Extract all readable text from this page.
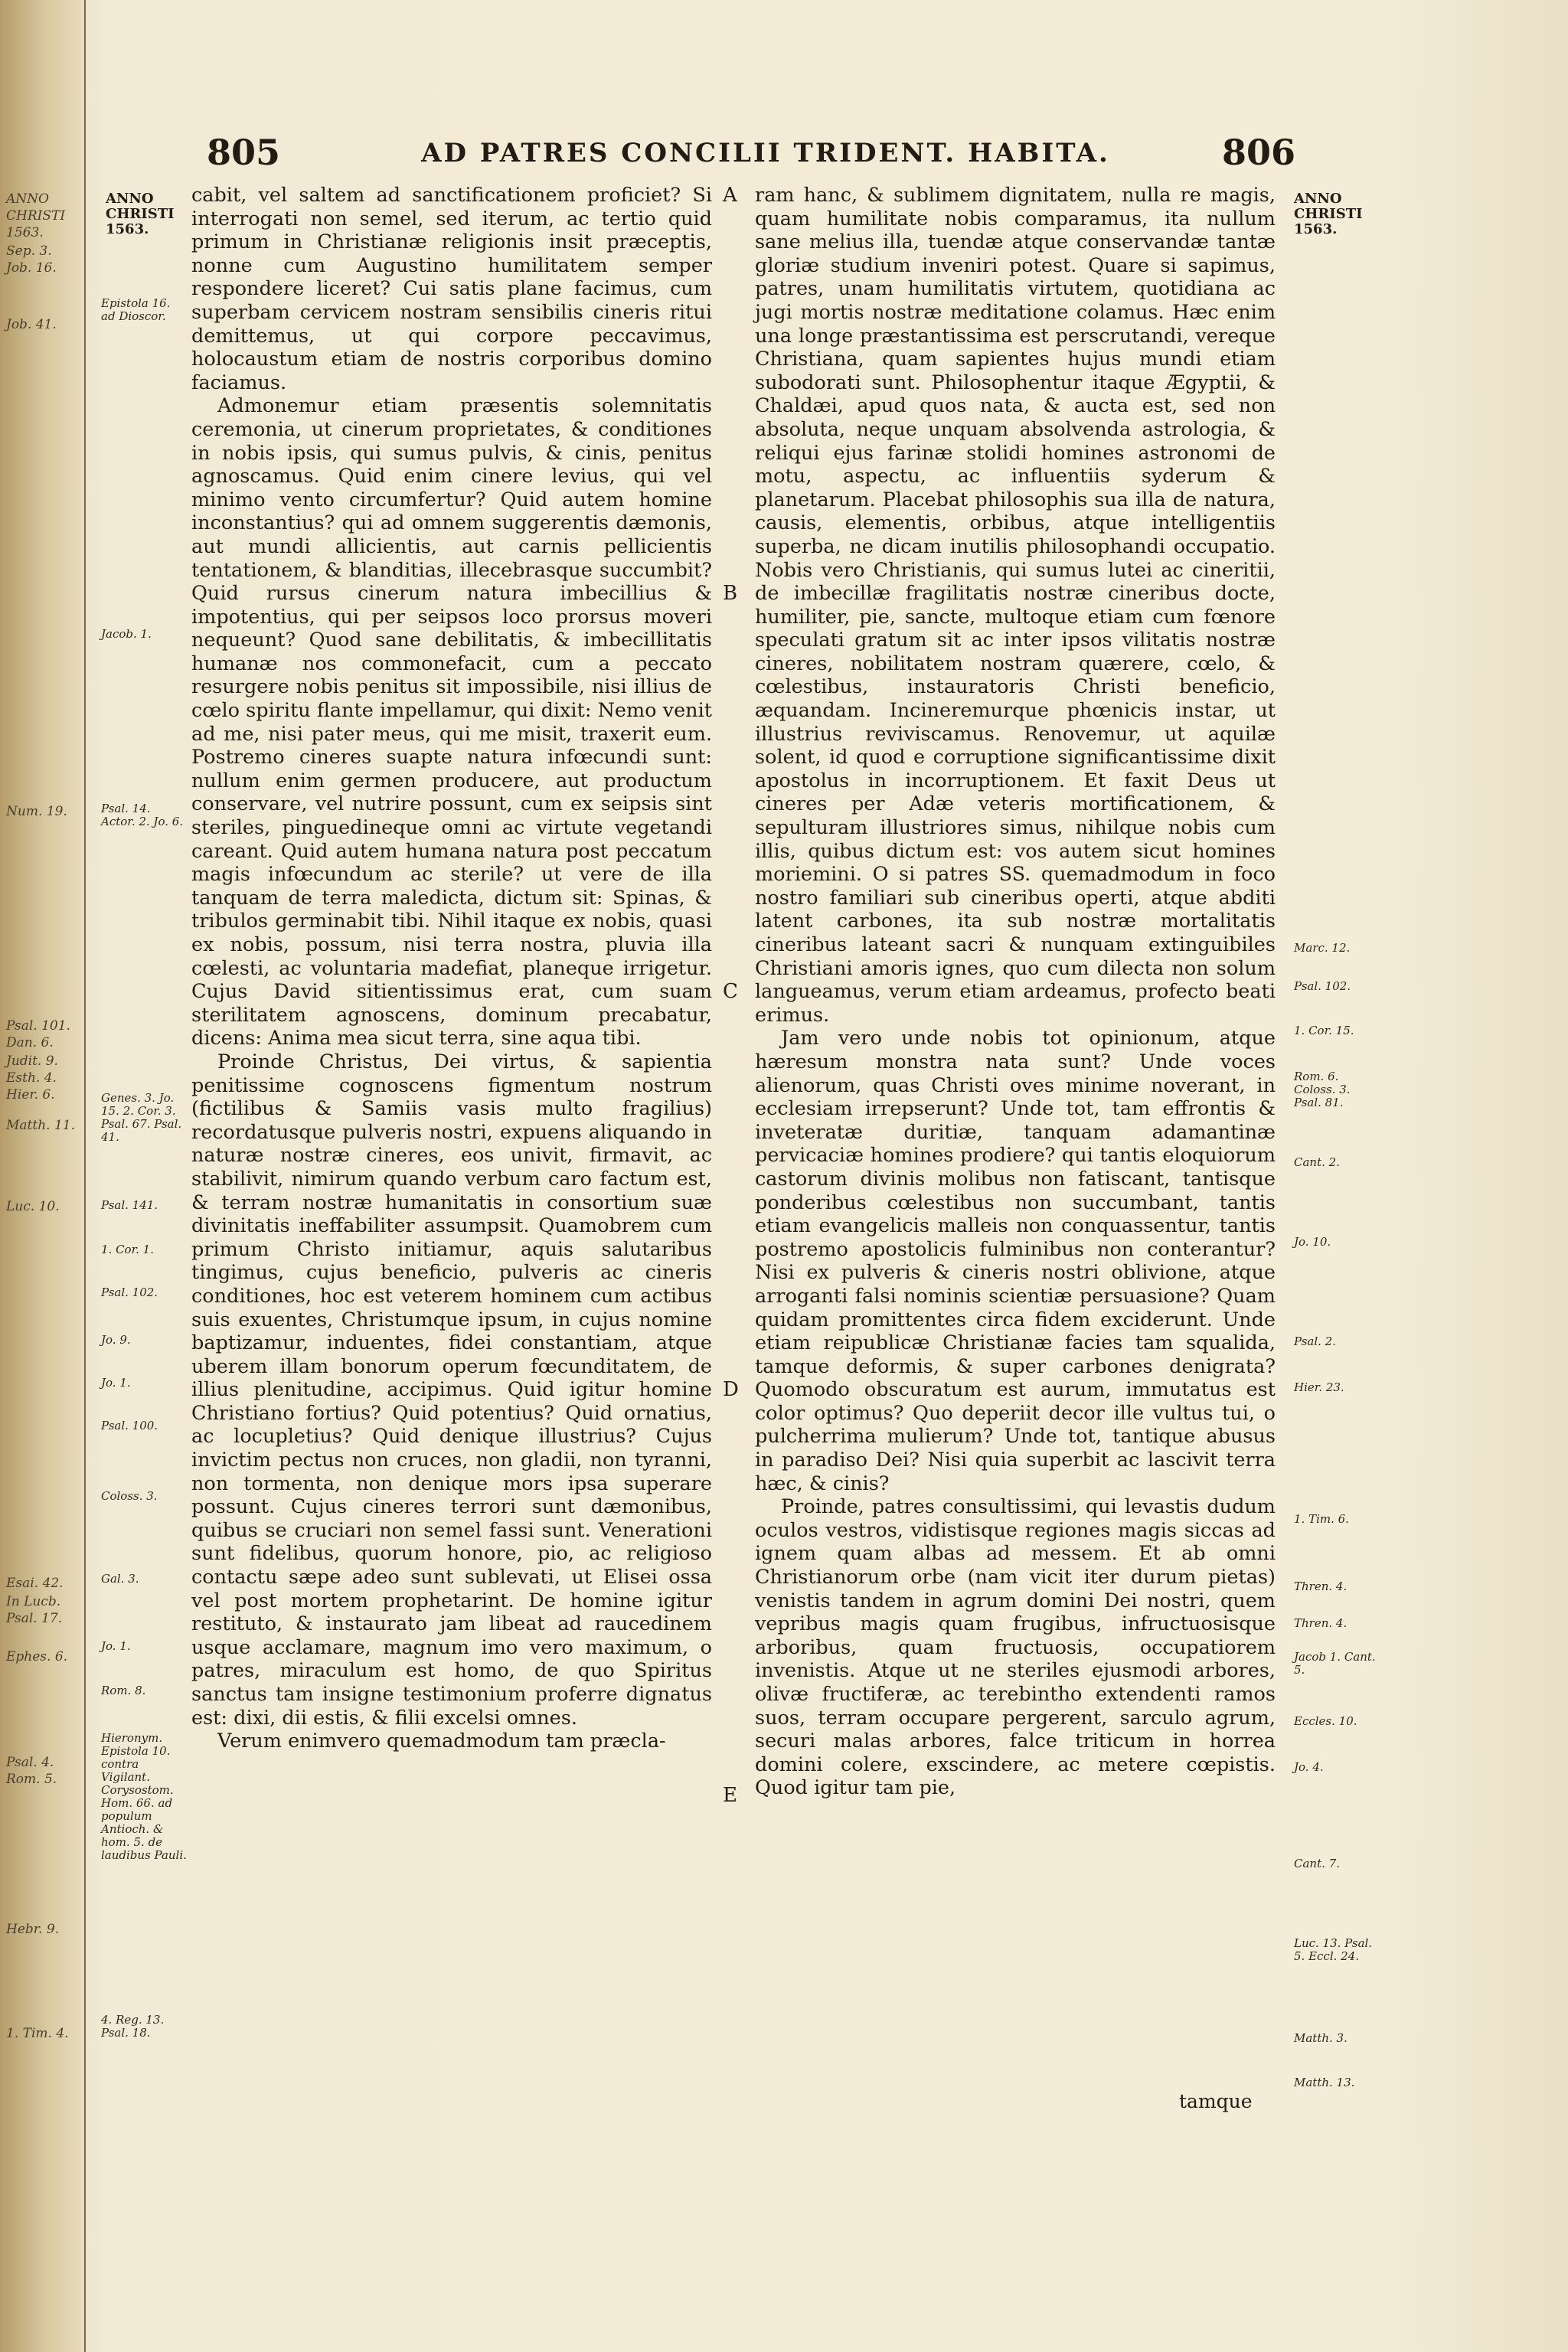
ANNO
CHRISTI
1563.
Sep. 3.
Job. 16.
Job. 41.
Num. 19.
Psal. 101.
Dan. 6.
Judit. 9.
Esth. 4.
Hier. 6.
Matth. 11.
Luc. 10.
Esai. 42.
In Lucb.
Psal. 17.
Ephes. 6.
Psal. 4.
Rom. 5.
Hebr. 9.
1. Tim. 4.
805	AD PATRES CONCILII TRIDENT. HABITA.	806
ANNO
CHRISTI
1563.
ANNO
CHRISTI
1563.

cabit, vel saltem ad sanctificationem proficiet? Si interrogati non semel, sed iterum, ac tertio quid primum in Christianæ religionis insit præceptis, nonne cum Augustino humilitatem semper respondere liceret? Cui satis plane facimus, cum superbam cervicem nostram sensibilis cineris ritui demittemus, ut qui corpore peccavimus, holocaustum etiam de nostris corporibus domino faciamus.

Admonemur etiam præsentis solemnitatis ceremonia, ut cinerum proprietates, & conditiones in nobis ipsis, qui sumus pulvis, & cinis, penitus agnoscamus. Quid enim cinere levius, qui vel minimo vento circumfertur? Quid autem homine inconstantius? qui ad omnem suggerentis dæmonis, aut mundi allicientis, aut carnis pellicientis tentationem, & blanditias, illecebrasque succumbit? Quid rursus cinerum natura imbecillius & impotentius, qui per seipsos loco prorsus moveri nequeunt? Quod sane debilitatis, & imbecillitatis humanæ nos commonefacit, cum a peccato resurgere nobis penitus sit impossibile, nisi illius de cœlo spiritu flante impellamur, qui dixit: Nemo venit ad me, nisi pater meus, qui me misit, traxerit eum. Postremo cineres suapte natura infœcundi sunt: nullum enim germen producere, aut productum conservare, vel nutrire possunt, cum ex seipsis sint steriles, pinguedineque omni ac virtute vegetandi careant. Quid autem humana natura post peccatum magis infœcundum ac sterile? ut vere de illa tanquam de terra maledicta, dictum sit: Spinas, & tribulos germinabit tibi. Nihil itaque ex nobis, quasi ex nobis, possum, nisi terra nostra, pluvia illa cœlesti, ac voluntaria madefiat, planeque irrigetur. Cujus David sitientissimus erat, cum suam sterilitatem agnoscens, dominum precabatur, dicens: Anima mea sicut terra, sine aqua tibi.

Proinde Christus, Dei virtus, & sapientia penitissime cognoscens figmentum nostrum (fictilibus & Samiis vasis multo fragilius) recordatusque pulveris nostri, expuens aliquando in naturæ nostræ cineres, eos univit, firmavit, ac stabilivit, nimirum quando verbum caro factum est, & terram nostræ humanitatis in consortium suæ divinitatis ineffabiliter assumpsit. Quamobrem cum primum Christo initiamur, aquis salutaribus tingimus, cujus beneficio, pulveris ac cineris conditiones, hoc est veterem hominem cum actibus suis exuentes, Christumque ipsum, in cujus nomine baptizamur, induentes, fidei constantiam, atque uberem illam bonorum operum fœcunditatem, de illius plenitudine, accipimus. Quid igitur homine Christiano fortius? Quid potentius? Quid ornatius, ac locupletius? Quid denique illustrius? Cujus invictim pectus non cruces, non gladii, non tyranni, non tormenta, non denique mors ipsa superare possunt. Cujus cineres terrori sunt dæmonibus, quibus se cruciari non semel fassi sunt. Venerationi sunt fidelibus, quorum honore, pio, ac religioso contactu sæpe adeo sunt sublevati, ut Elisei ossa vel post mortem prophetarint. De homine igitur restituto, & instaurato jam libeat ad raucedinem usque acclamare, magnum imo vero maximum, o patres, miraculum est homo, de quo Spiritus sanctus tam insigne testimonium proferre dignatus est: dixi, dii estis, & filii excelsi omnes.

Verum enimvero quemadmodum tam præcla-

ram hanc, & sublimem dignitatem, nulla re magis, quam humilitate nobis comparamus, ita nullum sane melius illa, tuendæ atque conservandæ tantæ gloriæ studium inveniri potest. Quare si sapimus, patres, unam humilitatis virtutem, quotidiana ac jugi mortis nostræ meditatione colamus. Hæc enim una longe præstantissima est perscrutandi, vereque Christiana, quam sapientes hujus mundi etiam subodorati sunt. Philosophentur itaque Ægyptii, & Chaldæi, apud quos nata, & aucta est, sed non absoluta, neque unquam absolvenda astrologia, & reliqui ejus farinæ stolidi homines astronomi de motu, aspectu, ac influentiis syderum & planetarum. Placebat philosophis sua illa de natura, causis, elementis, orbibus, atque intelligentiis superba, ne dicam inutilis philosophandi occupatio. Nobis vero Christianis, qui sumus lutei ac cineritii, de imbecillæ fragilitatis nostræ cineribus docte, humiliter, pie, sancte, multoque etiam cum fœnore speculati gratum sit ac inter ipsos vilitatis nostræ cineres, nobilitatem nostram quærere, cœlo, & cœlestibus, instauratoris Christi beneficio, æquandam. Incineremurque phœnicis instar, ut illustrius reviviscamus. Renovemur, ut aquilæ solent, id quod e corruptione significantissime dixit apostolus in incorruptionem. Et faxit Deus ut cineres per Adæ veteris mortificationem, & sepulturam illustriores simus, nihilque nobis cum illis, quibus dictum est: vos autem sicut homines moriemini. O si patres SS. quemadmodum in foco nostro familiari sub cineribus operti, atque abditi latent carbones, ita sub nostræ mortalitatis cineribus lateant sacri & nunquam extinguibiles Christiani amoris ignes, quo cum dilecta non solum langueamus, verum etiam ardeamus, profecto beati erimus.

Jam vero unde nobis tot opinionum, atque hæresum monstra nata sunt? Unde voces alienorum, quas Christi oves minime noverant, in ecclesiam irrepserunt? Unde tot, tam effrontis & inveteratæ duritiæ, tanquam adamantinæ pervicaciæ homines prodiere? qui tantis eloquiorum castorum divinis molibus non fatiscant, tantisque ponderibus cœlestibus non succumbant, tantis etiam evangelicis malleis non conquassentur, tantis postremo apostolicis fulminibus non conterantur? Nisi ex pulveris & cineris nostri oblivione, atque arroganti falsi nominis scientiæ persuasione? Quam quidam promittentes circa fidem exciderunt. Unde etiam reipublicæ Christianæ facies tam squalida, tamque deformis, & super carbones denigrata? Quomodo obscuratum est aurum, immutatus est color optimus? Quo deperiit decor ille vultus tui, o pulcherrima mulierum? Unde tot, tantique abusus in paradiso Dei? Nisi quia superbit ac lascivit terra hæc, & cinis?

Proinde, patres consultissimi, qui levastis dudum oculos vestros, vidistisque regiones magis siccas ad ignem quam albas ad messem. Et ab omni Christianorum orbe (nam vicit iter durum pietas) venistis tandem in agrum domini Dei nostri, quem vepribus magis quam frugibus, infructuosisque arboribus, quam fructuosis, occupatiorem invenistis. Atque ut ne steriles ejusmodi arbores, olivæ fructiferæ, ac terebintho extendenti ramos suos, terram occupare pergerent, sarculo agrum, securi malas arbores, falce triticum in horrea domini colere, exscindere, ac metere cœpistis. Quod igitur tam pie,

A
B
C
D
E
Epistola 16. ad Dioscor.
Jacob. 1.
Psal. 14. Actor. 2. Jo. 6.
Genes. 3. Jo. 15. 2. Cor. 3. Psal. 67. Psal. 41.
Psal. 141.
1. Cor. 1.
Psal. 102.
Jo. 9.
Jo. 1.
Psal. 100.
Coloss. 3.
Gal. 3.
Jo. 1.
Rom. 8.
Hieronym. Epistola 10. contra Vigilant. Corysostom. Hom. 66. ad populum Antioch. & hom. 5. de laudibus Pauli.
4. Reg. 13. Psal. 18.
Marc. 12.
Psal. 102.
1. Cor. 15.
Rom. 6. Coloss. 3. Psal. 81.
Cant. 2.
Jo. 10.
Psal. 2.
Hier. 23.
1. Tim. 6.
Thren. 4.
Thren. 4.
Jacob 1. Cant. 5.
Eccles. 10.
Jo. 4.
Cant. 7.
Luc. 13. Psal. 5. Eccl. 24.
Matth. 3.
Matth. 13.
tamque
